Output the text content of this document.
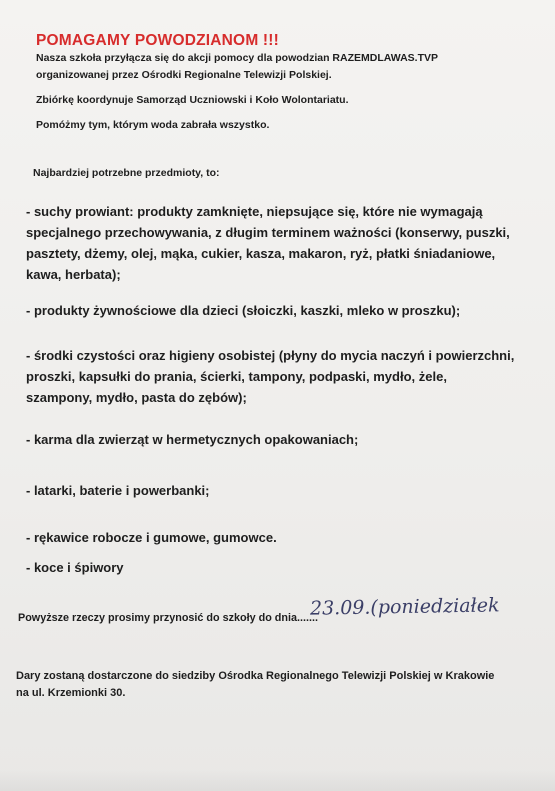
POMAGAMY POWODZIANOM !!!
Nasza szkoła przyłącza się do akcji pomocy dla powodzian RAZEMDLAWAS.TVP
organizowanej przez Ośrodki Regionalne Telewizji Polskiej.
Zbiórkę koordynuje Samorząd Uczniowski i Koło Wolontariatu.
Pomóżmy tym, którym woda zabrała wszystko.
Najbardziej potrzebne przedmioty, to:
- suchy prowiant: produkty zamknięte, niepsujące się, które nie wymagają
specjalnego przechowywania, z długim terminem ważności (konserwy, puszki,
pasztety, dżemy, olej, mąka, cukier, kasza, makaron, ryż, płatki śniadaniowe,
kawa, herbata);
- produkty żywnościowe dla dzieci (słoiczki, kaszki, mleko w proszku);
- środki czystości oraz higieny osobistej (płyny do mycia naczyń i powierzchni,
proszki, kapsułki do prania, ścierki, tampony, podpaski, mydło, żele,
szampony, mydło, pasta do zębów);
- karma dla zwierząt w hermetycznych opakowaniach;
- latarki, baterie i powerbanki;
- rękawice robocze i gumowe, gumowce.
- koce i śpiwory
Powyższe rzeczy prosimy przynosić do szkoły do dnia.......
23.09.(poniedziałek
Dary zostaną dostarczone do siedziby Ośrodka Regionalnego Telewizji Polskiej w Krakowie
na ul. Krzemionki 30.
